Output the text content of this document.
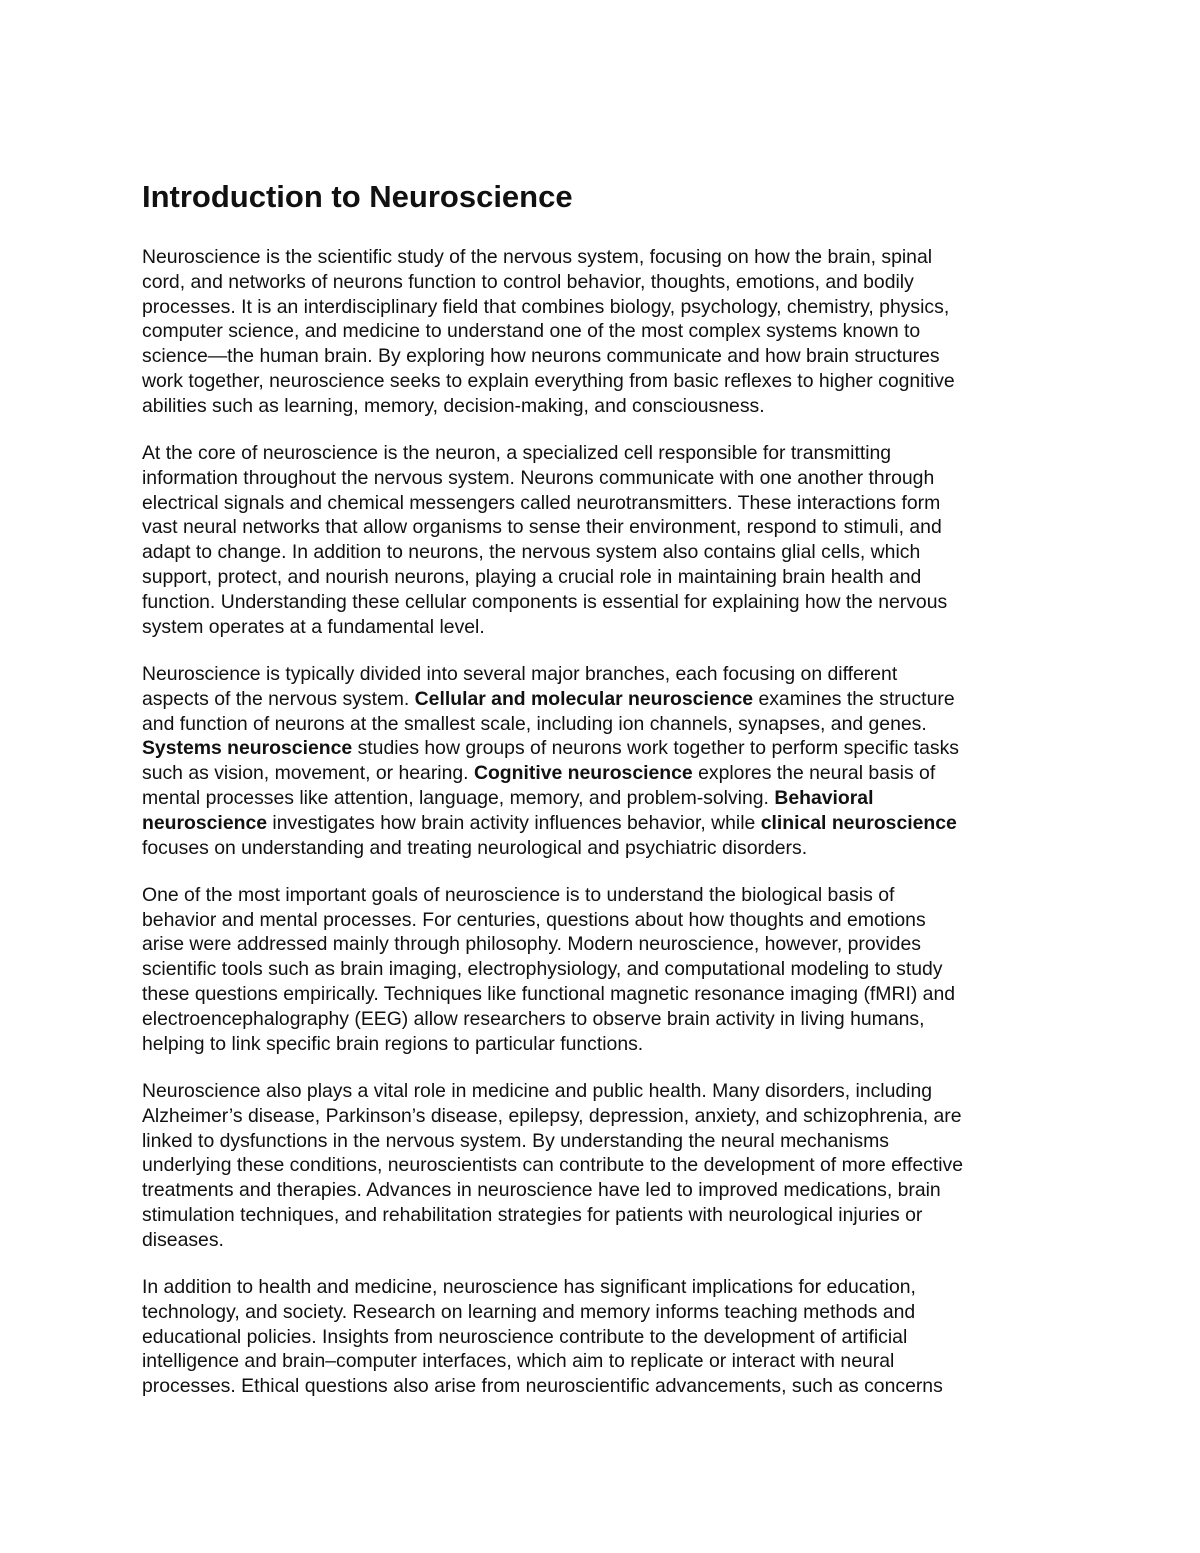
Introduction to Neuroscience

Neuroscience is the scientific study of the nervous system, focusing on how the brain, spinal
cord, and networks of neurons function to control behavior, thoughts, emotions, and bodily
processes. It is an interdisciplinary field that combines biology, psychology, chemistry, physics,
computer science, and medicine to understand one of the most complex systems known to
science—the human brain. By exploring how neurons communicate and how brain structures
work together, neuroscience seeks to explain everything from basic reflexes to higher cognitive
abilities such as learning, memory, decision-making, and consciousness.

At the core of neuroscience is the neuron, a specialized cell responsible for transmitting
information throughout the nervous system. Neurons communicate with one another through
electrical signals and chemical messengers called neurotransmitters. These interactions form
vast neural networks that allow organisms to sense their environment, respond to stimuli, and
adapt to change. In addition to neurons, the nervous system also contains glial cells, which
support, protect, and nourish neurons, playing a crucial role in maintaining brain health and
function. Understanding these cellular components is essential for explaining how the nervous
system operates at a fundamental level.

Neuroscience is typically divided into several major branches, each focusing on different
aspects of the nervous system. Cellular and molecular neuroscience examines the structure
and function of neurons at the smallest scale, including ion channels, synapses, and genes.
Systems neuroscience studies how groups of neurons work together to perform specific tasks
such as vision, movement, or hearing. Cognitive neuroscience explores the neural basis of
mental processes like attention, language, memory, and problem-solving. Behavioral
neuroscience investigates how brain activity influences behavior, while clinical neuroscience
focuses on understanding and treating neurological and psychiatric disorders.

One of the most important goals of neuroscience is to understand the biological basis of
behavior and mental processes. For centuries, questions about how thoughts and emotions
arise were addressed mainly through philosophy. Modern neuroscience, however, provides
scientific tools such as brain imaging, electrophysiology, and computational modeling to study
these questions empirically. Techniques like functional magnetic resonance imaging (fMRI) and
electroencephalography (EEG) allow researchers to observe brain activity in living humans,
helping to link specific brain regions to particular functions.

Neuroscience also plays a vital role in medicine and public health. Many disorders, including
Alzheimer’s disease, Parkinson’s disease, epilepsy, depression, anxiety, and schizophrenia, are
linked to dysfunctions in the nervous system. By understanding the neural mechanisms
underlying these conditions, neuroscientists can contribute to the development of more effective
treatments and therapies. Advances in neuroscience have led to improved medications, brain
stimulation techniques, and rehabilitation strategies for patients with neurological injuries or
diseases.

In addition to health and medicine, neuroscience has significant implications for education,
technology, and society. Research on learning and memory informs teaching methods and
educational policies. Insights from neuroscience contribute to the development of artificial
intelligence and brain–computer interfaces, which aim to replicate or interact with neural
processes. Ethical questions also arise from neuroscientific advancements, such as concerns
